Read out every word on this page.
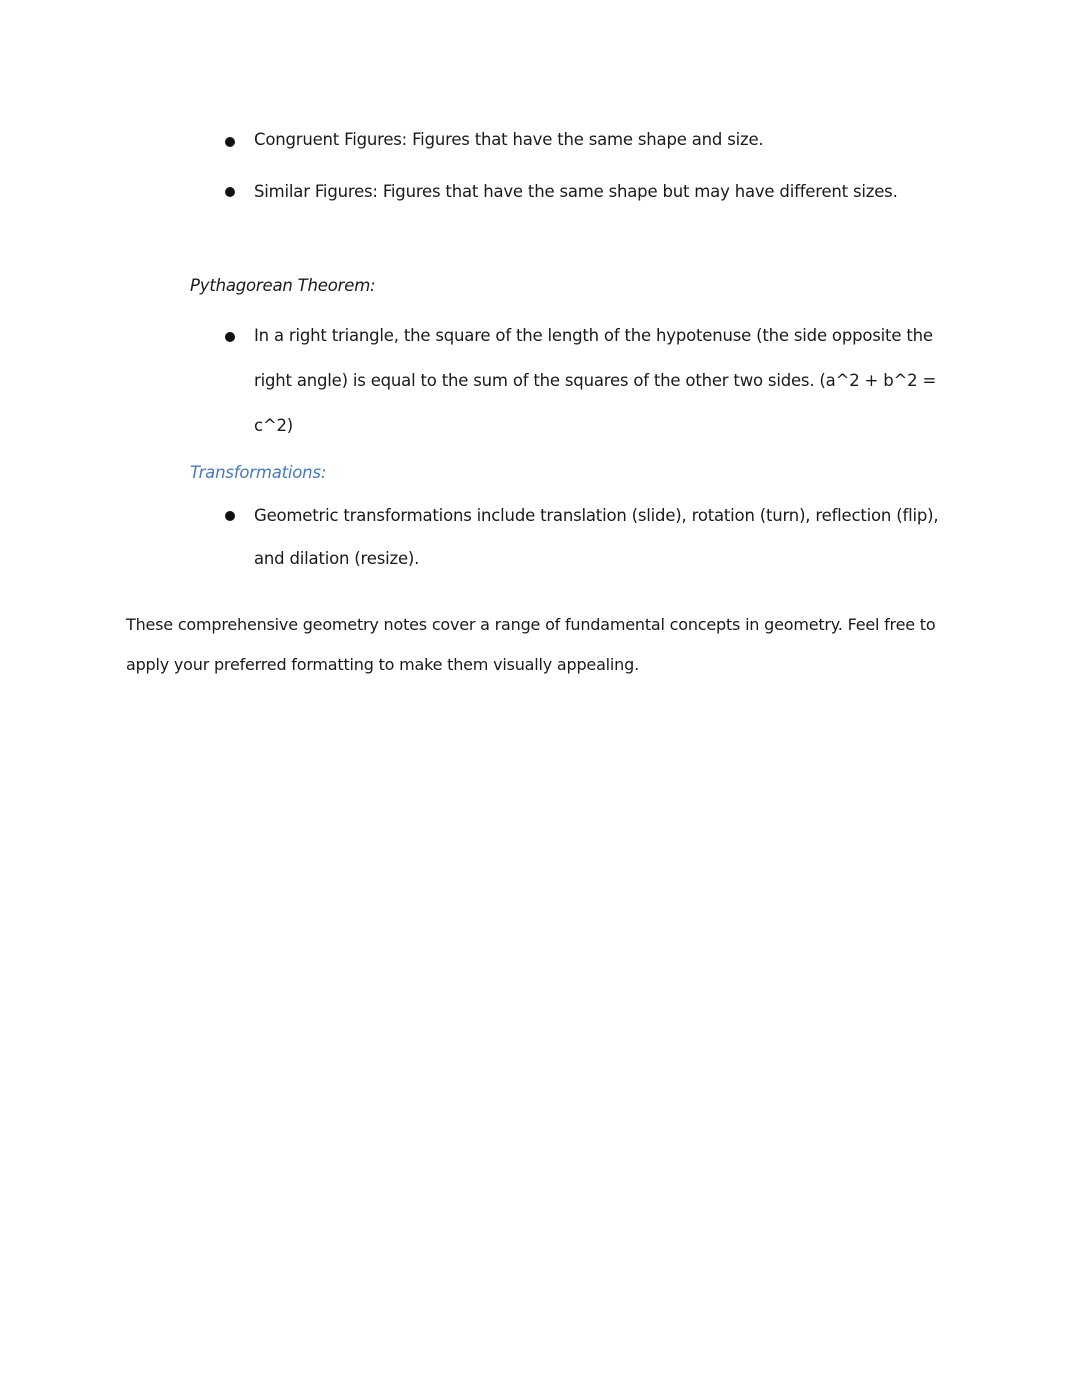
Congruent Figures: Figures that have the same shape and size.
Similar Figures: Figures that have the same shape but may have different sizes.
Pythagorean Theorem:
In a right triangle, the square of the length of the hypotenuse (the side opposite the right angle) is equal to the sum of the squares of the other two sides. (a^2 + b^2 = c^2)
Transformations:
Geometric transformations include translation (slide), rotation (turn), reflection (flip), and dilation (resize).
These comprehensive geometry notes cover a range of fundamental concepts in geometry. Feel free to apply your preferred formatting to make them visually appealing.
